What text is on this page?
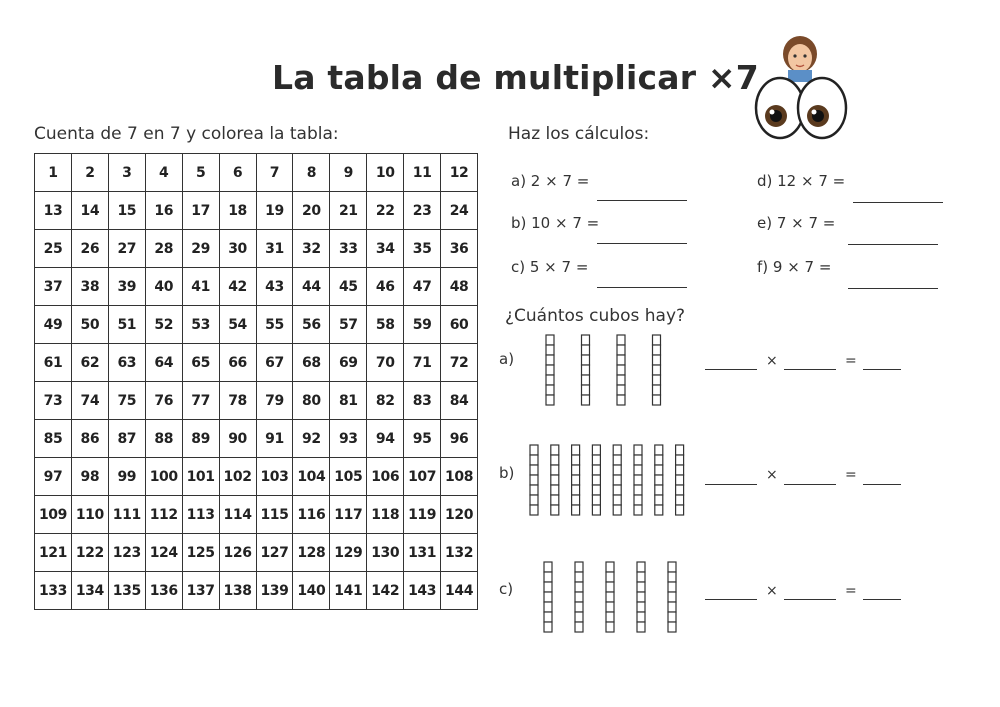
La tabla de multiplicar ×7
Cuenta de 7 en 7 y colorea la tabla:
1	2	3	4	5	6	7	8	9	10	11	12
13	14	15	16	17	18	19	20	21	22	23	24
25	26	27	28	29	30	31	32	33	34	35	36
37	38	39	40	41	42	43	44	45	46	47	48
49	50	51	52	53	54	55	56	57	58	59	60
61	62	63	64	65	66	67	68	69	70	71	72
73	74	75	76	77	78	79	80	81	82	83	84
85	86	87	88	89	90	91	92	93	94	95	96
97	98	99 100 101 102 103 104 105 106 107 108
109 110 111 112 113 114 115 116 117 118 119 120
121 122 123 124 125 126 127 128 129 130 131 132
133 134 135 136 137 138 139 140 141 142 143 144
Haz los cálculos:
a) 2 × 7 =
b) 10 × 7 =
c) 5 × 7 =
d) 12 × 7 =
e) 7 × 7 =
f) 9 × 7 =
¿Cuántos cubos hay?
a)
b)
c)
×	=
×	=
×	=
